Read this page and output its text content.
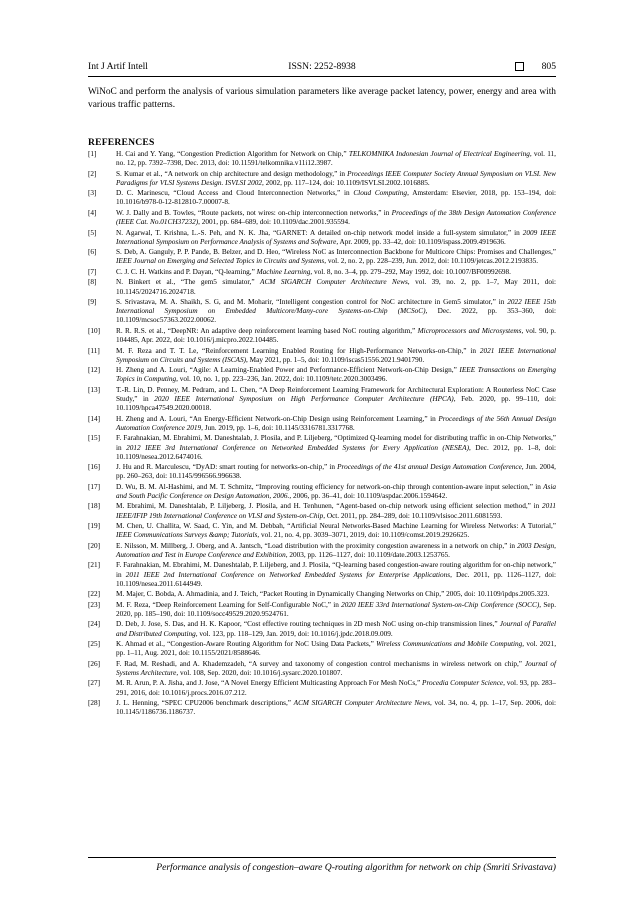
Int J Artif Intell	ISSN: 2252-8938	805
WiNoC and perform the analysis of various simulation parameters like average packet latency, power, energy and area with various traffic patterns.
REFERENCES
[1]	H. Cai and Y. Yang, “Congestion Prediction Algorithm for Network on Chip,” TELKOMNIKA Indonesian Journal of Electrical Engineering, vol. 11, no. 12, pp. 7392–7398, Dec. 2013, doi: 10.11591/telkomnika.v11i12.3987.
[2]	S. Kumar et al., “A network on chip architecture and design methodology,” in Proceedings IEEE Computer Society Annual Symposium on VLSI. New Paradigms for VLSI Systems Design. ISVLSI 2002, 2002, pp. 117–124, doi: 10.1109/ISVLSI.2002.1016885.
[3]	D. C. Marinescu, “Cloud Access and Cloud Interconnection Networks,” in Cloud Computing, Amsterdam: Elsevier, 2018, pp. 153–194, doi: 10.1016/b978-0-12-812810-7.00007-8.
[4]	W. J. Dally and B. Towles, “Route packets, not wires: on-chip interconnection networks,” in Proceedings of the 38th Design Automation Conference (IEEE Cat. No.01CH37232), 2001, pp. 684–689, doi: 10.1109/dac.2001.935594.
[5]	N. Agarwal, T. Krishna, L.-S. Peh, and N. K. Jha, “GARNET: A detailed on-chip network model inside a full-system simulator,” in 2009 IEEE International Symposium on Performance Analysis of Systems and Software, Apr. 2009, pp. 33–42, doi: 10.1109/ispass.2009.4919636.
[6]	S. Deb, A. Ganguly, P. P. Pande, B. Belzer, and D. Heo, “Wireless NoC as Interconnection Backbone for Multicore Chips: Promises and Challenges,” IEEE Journal on Emerging and Selected Topics in Circuits and Systems, vol. 2, no. 2, pp. 228–239, Jun. 2012, doi: 10.1109/jetcas.2012.2193835.
[7]	C. J. C. H. Watkins and P. Dayan, “Q-learning,” Machine Learning, vol. 8, no. 3–4, pp. 279–292, May 1992, doi: 10.1007/BF00992698.
[8]	N. Binkert et al., “The gem5 simulator,” ACM SIGARCH Computer Architecture News, vol. 39, no. 2, pp. 1–7, May 2011, doi: 10.1145/2024716.2024718.
[9]	S. Srivastava, M. A. Shaikh, S. G, and M. Moharir, “Intelligent congestion control for NoC architecture in Gem5 simulator,” in 2022 IEEE 15th International Symposium on Embedded Multicore/Many-core Systems-on-Chip (MCSoC), Dec. 2022, pp. 353–360, doi: 10.1109/mcsoc57363.2022.00062.
[10]	R. R. R.S. et al., “DeepNR: An adaptive deep reinforcement learning based NoC routing algorithm,” Microprocessors and Microsystems, vol. 90, p. 104485, Apr. 2022, doi: 10.1016/j.micpro.2022.104485.
[11]	M. F. Reza and T. T. Le, “Reinforcement Learning Enabled Routing for High-Performance Networks-on-Chip,” in 2021 IEEE International Symposium on Circuits and Systems (ISCAS), May 2021, pp. 1–5, doi: 10.1109/iscas51556.2021.9401790.
[12]	H. Zheng and A. Louri, “Agile: A Learning-Enabled Power and Performance-Efficient Network-on-Chip Design,” IEEE Transactions on Emerging Topics in Computing, vol. 10, no. 1, pp. 223–236, Jan. 2022, doi: 10.1109/tetc.2020.3003496.
[13]	T.-R. Lin, D. Penney, M. Pedram, and L. Chen, “A Deep Reinforcement Learning Framework for Architectural Exploration: A Routerless NoC Case Study,” in 2020 IEEE International Symposium on High Performance Computer Architecture (HPCA), Feb. 2020, pp. 99–110, doi: 10.1109/hpca47549.2020.00018.
[14]	H. Zheng and A. Louri, “An Energy-Efficient Network-on-Chip Design using Reinforcement Learning,” in Proceedings of the 56th Annual Design Automation Conference 2019, Jun. 2019, pp. 1–6, doi: 10.1145/3316781.3317768.
[15]	F. Farahnakian, M. Ebrahimi, M. Daneshtalab, J. Plosila, and P. Liljeberg, “Optimized Q-learning model for distributing traffic in on-Chip Networks,” in 2012 IEEE 3rd International Conference on Networked Embedded Systems for Every Application (NESEA), Dec. 2012, pp. 1–8, doi: 10.1109/nesea.2012.6474016.
[16]	J. Hu and R. Marculescu, “DyAD: smart routing for networks-on-chip,” in Proceedings of the 41st annual Design Automation Conference, Jun. 2004, pp. 260–263, doi: 10.1145/996566.996638.
[17]	D. Wu, B. M. Al-Hashimi, and M. T. Schmitz, “Improving routing efficiency for network-on-chip through contention-aware input selection,” in Asia and South Pacific Conference on Design Automation, 2006., 2006, pp. 36–41, doi: 10.1109/aspdac.2006.1594642.
[18]	M. Ebrahimi, M. Daneshtalab, P. Liljeberg, J. Plosila, and H. Tenhunen, “Agent-based on-chip network using efficient selection method,” in 2011 IEEE/IFIP 19th International Conference on VLSI and System-on-Chip, Oct. 2011, pp. 284–289, doi: 10.1109/vlsisoc.2011.6081593.
[19]	M. Chen, U. Challita, W. Saad, C. Yin, and M. Debbah, “Artificial Neural Networks-Based Machine Learning for Wireless Networks: A Tutorial,” IEEE Communications Surveys &amp; Tutorials, vol. 21, no. 4, pp. 3039–3071, 2019, doi: 10.1109/comst.2019.2926625.
[20]	E. Nilsson, M. Millberg, J. Oberg, and A. Jantsch, “Load distribution with the proximity congestion awareness in a network on chip,” in 2003 Design, Automation and Test in Europe Conference and Exhibition, 2003, pp. 1126–1127, doi: 10.1109/date.2003.1253765.
[21]	F. Farahnakian, M. Ebrahimi, M. Daneshtalab, P. Liljeberg, and J. Plosila, “Q-learning based congestion-aware routing algorithm for on-chip network,” in 2011 IEEE 2nd International Conference on Networked Embedded Systems for Enterprise Applications, Dec. 2011, pp. 1126–1127, doi: 10.1109/nesea.2011.6144949.
[22]	M. Majer, C. Bobda, A. Ahmadinia, and J. Teich, “Packet Routing in Dynamically Changing Networks on Chip,” 2005, doi: 10.1109/ipdps.2005.323.
[23]	M. F. Reza, “Deep Reinforcement Learning for Self-Configurable NoC,” in 2020 IEEE 33rd International System-on-Chip Conference (SOCC), Sep. 2020, pp. 185–190, doi: 10.1109/socc49529.2020.9524761.
[24]	D. Deb, J. Jose, S. Das, and H. K. Kapoor, “Cost effective routing techniques in 2D mesh NoC using on-chip transmission lines,” Journal of Parallel and Distributed Computing, vol. 123, pp. 118–129, Jan. 2019, doi: 10.1016/j.jpdc.2018.09.009.
[25]	K. Ahmad et al., “Congestion-Aware Routing Algorithm for NoC Using Data Packets,” Wireless Communications and Mobile Computing, vol. 2021, pp. 1–11, Aug. 2021, doi: 10.1155/2021/8588646.
[26]	F. Rad, M. Reshadi, and A. Khademzadeh, “A survey and taxonomy of congestion control mechanisms in wireless network on chip,” Journal of Systems Architecture, vol. 108, Sep. 2020, doi: 10.1016/j.sysarc.2020.101807.
[27]	M. R. Arun, P. A. Jisha, and J. Jose, “A Novel Energy Efficient Multicasting Approach For Mesh NoCs,” Procedia Computer Science, vol. 93, pp. 283–291, 2016, doi: 10.1016/j.procs.2016.07.212.
[28]	J. L. Henning, “SPEC CPU2006 benchmark descriptions,” ACM SIGARCH Computer Architecture News, vol. 34, no. 4, pp. 1–17, Sep. 2006, doi: 10.1145/1186736.1186737.
Performance analysis of congestion–aware Q-routing algorithm for network on chip (Smriti Srivastava)
